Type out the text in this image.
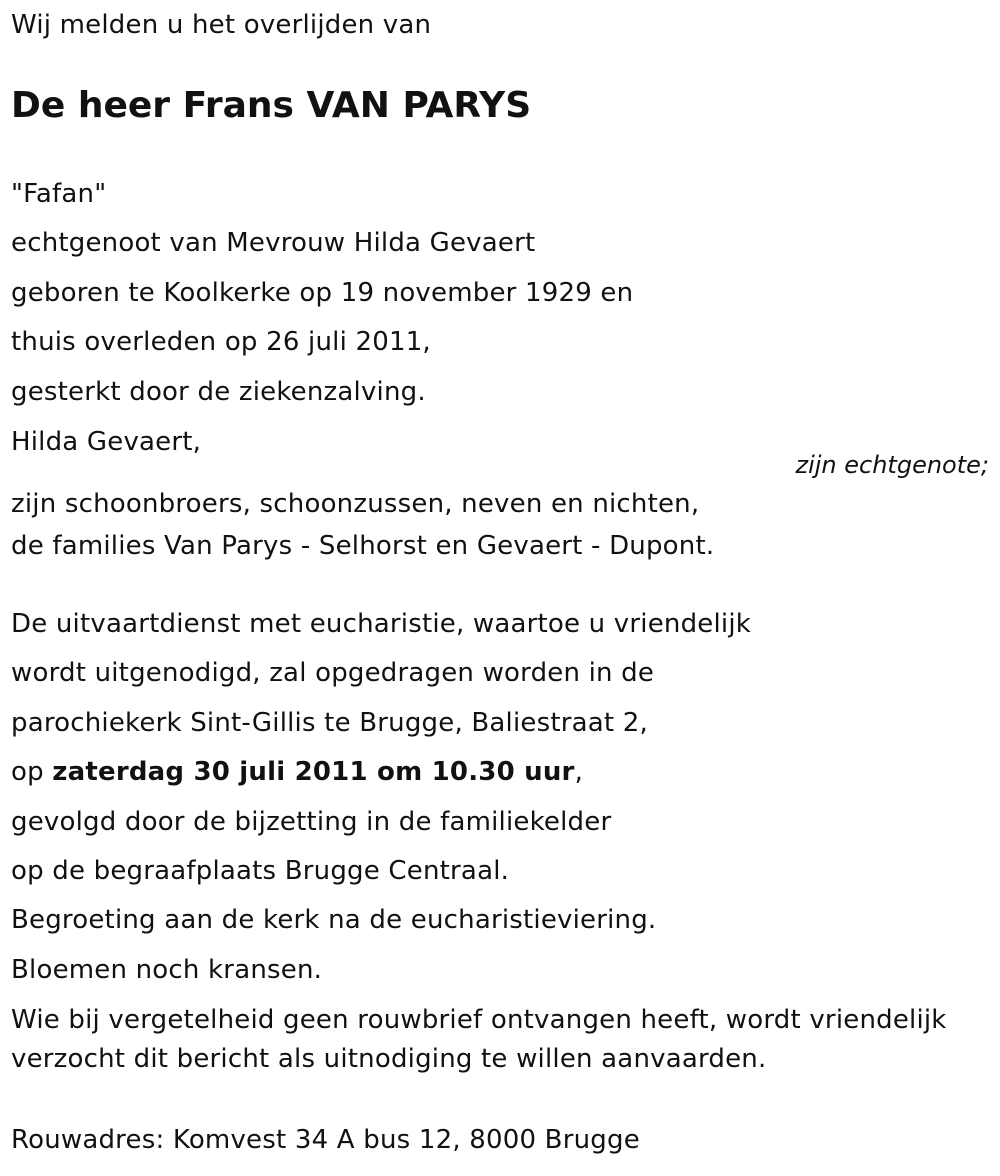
Wij melden u het overlijden van
De heer Frans VAN PARYS
"Fafan"
echtgenoot van Mevrouw Hilda Gevaert
geboren te Koolkerke op 19 november 1929 en
thuis overleden op 26 juli 2011,
gesterkt door de ziekenzalving.
Hilda Gevaert,
zijn echtgenote;
zijn schoonbroers, schoonzussen, neven en nichten,
de families Van Parys - Selhorst en Gevaert - Dupont.
De uitvaartdienst met eucharistie, waartoe u vriendelijk
wordt uitgenodigd, zal opgedragen worden in de
parochiekerk Sint-Gillis te Brugge, Baliestraat 2,
op zaterdag 30 juli 2011 om 10.30 uur,
gevolgd door de bijzetting in de familiekelder
op de begraafplaats Brugge Centraal.
Begroeting aan de kerk na de eucharistieviering.
Bloemen noch kransen.
Wie bij vergetelheid geen rouwbrief ontvangen heeft, wordt vriendelijk
verzocht dit bericht als uitnodiging te willen aanvaarden.
Rouwadres: Komvest 34 A bus 12, 8000 Brugge
